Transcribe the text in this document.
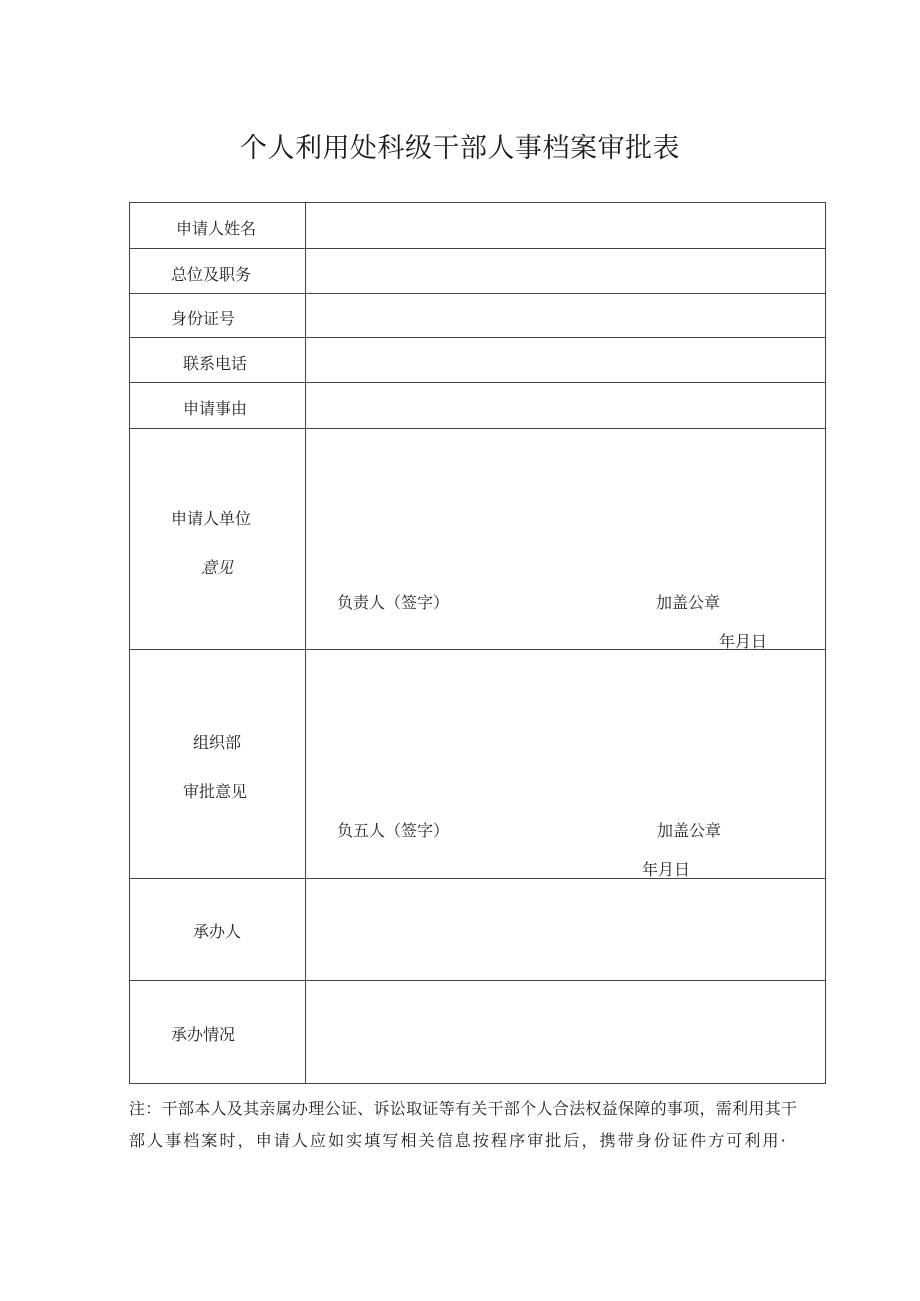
个人利用处科级干部人事档案审批表
申请人姓名	

总位及职务	

身份证号	

联系电话	

申请事由	

申请人单位
意见	负责人（签字） 加盖公章
年月日

组织部
审批意见	负五人（签字） 加盖公章
年月日

承办人	

承办情况	

注：干部本人及其亲属办理公证、诉讼取证等有关干部个人合法权益保障的事项，需利用其干
部人事档案时，申请人应如实填写相关信息按程序审批后，携带身份证件方可利用·
